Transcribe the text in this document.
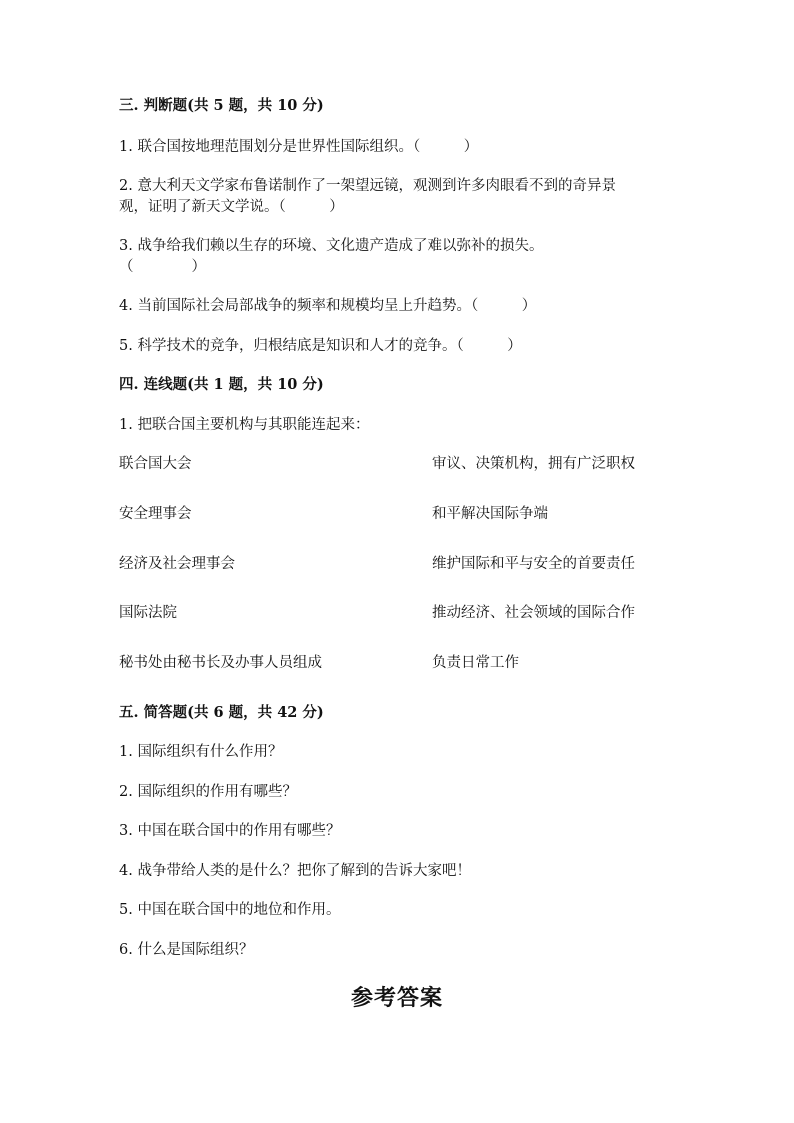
三. 判断题(共 5 题，共 10 分)
1. 联合国按地理范围划分是世界性国际组织。（　　　）
2. 意大利天文学家布鲁诺制作了一架望远镜，观测到许多肉眼看不到的奇异景
观，证明了新天文学说。（　　　）
3. 战争给我们赖以生存的环境、文化遗产造成了难以弥补的损失。
（　　　　）
4. 当前国际社会局部战争的频率和规模均呈上升趋势。（　　　）
5. 科学技术的竞争，归根结底是知识和人才的竞争。（　　　）
四. 连线题(共 1 题，共 10 分)
1. 把联合国主要机构与其职能连起来：
联合国大会	审议、决策机构，拥有广泛职权
安全理事会	和平解决国际争端
经济及社会理事会	维护国际和平与安全的首要责任
国际法院	推动经济、社会领域的国际合作
秘书处由秘书长及办事人员组成	负责日常工作
五. 简答题(共 6 题，共 42 分)
1. 国际组织有什么作用？
2. 国际组织的作用有哪些？
3. 中国在联合国中的作用有哪些？
4. 战争带给人类的是什么？把你了解到的告诉大家吧！
5. 中国在联合国中的地位和作用。
6. 什么是国际组织？
参考答案
